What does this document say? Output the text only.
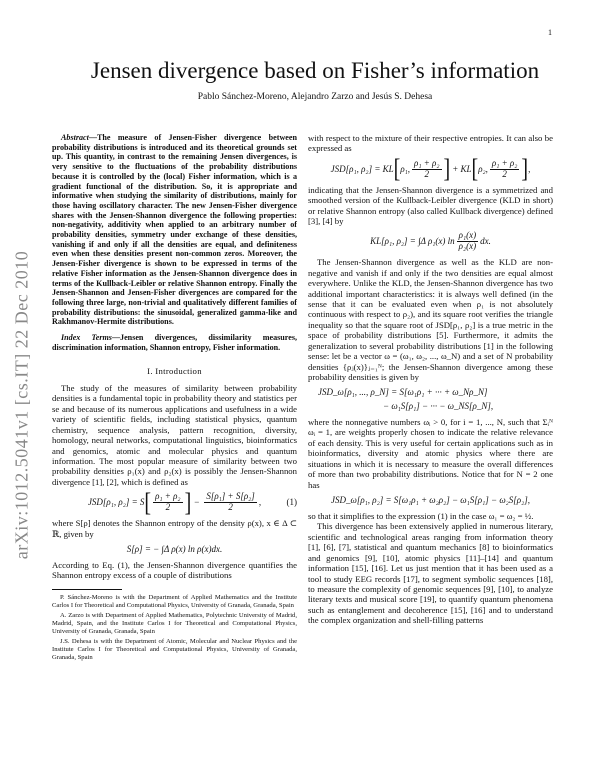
1
arXiv:1012.5041v1 [cs.IT] 22 Dec 2010
Jensen divergence based on Fisher’s information
Pablo Sánchez-Moreno, Alejandro Zarzo and Jesús S. Dehesa

Abstract—The measure of Jensen-Fisher divergence between probability distributions is introduced and its theoretical grounds set up. This quantity, in contrast to the remaining Jensen divergences, is very sensitive to the fluctuations of the probability distributions because it is controlled by the (local) Fisher information, which is a gradient functional of the distribution. So, it is appropriate and informative when studying the similarity of distributions, mainly for those having oscillatory character. The new Jensen-Fisher divergence shares with the Jensen-Shannon divergence the following properties: non-negativity, additivity when applied to an arbitrary number of probability densities, symmetry under exchange of these densities, vanishing if and only if all the densities are equal, and definiteness even when these densities present non-common zeros. Moreover, the Jensen-Fisher divergence is shown to be expressed in terms of the relative Fisher information as the Jensen-Shannon divergence does in terms of the Kullback-Leibler or relative Shannon entropy. Finally the Jensen-Shannon and Jensen-Fisher divergences are compared for the following three large, non-trivial and qualitatively different families of probability distributions: the sinusoidal, generalized gamma-like and Rakhmanov-Hermite distributions.

Index Terms—Jensen divergences, dissimilarity measures, discrimination information, Shannon entropy, Fisher information.

I. Introduction

The study of the measures of similarity between probability densities is a fundamental topic in probability theory and statistics per se and because of its numerous applications and usefulness in a wide variety of scientific fields, including statistical physics, quantum chemistry, sequence analysis, pattern recognition, diversity, homology, neural networks, computational linguistics, bioinformatics and genomics, atomic and molecular physics and quantum information. The most popular measure of similarity between two probability densities ρ₁(x) and ρ₂(x) is possibly the Jensen-Shannon divergence [1], [2], which is defined as

JSD[ρ₁, ρ₂] = S [ $\frac{\text{ρ₁ + ρ₂}}{2}$ ] − $\frac{\text{S[ρ₁] + S[ρ₂]}}{2}$ ,	(1)

where S[ρ] denotes the Shannon entropy of the density ρ(x), x ∈ Δ ⊂ ℝ, given by

S[ρ] = − ∫Δ ρ(x) ln ρ(x)dx.

According to Eq. (1), the Jensen-Shannon divergence quantifies the Shannon entropy excess of a couple of distributions

P. Sánchez-Moreno is with the Department of Applied Mathematics and the Institute Carlos I for Theoretical and Computational Physics, University of Granada, Granada, Spain

A. Zarzo is with Department of Applied Mathematics, Polytechnic University of Madrid, Madrid, Spain, and the Institute Carlos I for Theoretical and Computational Physics, University of Granada, Granada, Spain

J.S. Dehesa is with the Department of Atomic, Molecular and Nuclear Physics and the Institute Carlos I for Theoretical and Computational Physics, University of Granada, Granada, Spain

with respect to the mixture of their respective entropies. It can also be expressed as

JSD[ρ₁, ρ₂] = KL [ ρ₁, $\frac{\text{ρ₁ + ρ₂}}{2}$ ] + KL [ ρ₂, $\frac{\text{ρ₁ + ρ₂}}{2}$ ] ,

indicating that the Jensen-Shannon divergence is a symmetrized and smoothed version of the Kullback-Leibler divergence (KLD in short) or relative Shannon entropy (also called Kullback divergence) defined [3], [4] by

KL[ρ₁, ρ₂] = ∫Δ ρ₁(x) $\ln \frac{\text{ρ₁(x)}}{\text{ρ₂(x)}}$ dx.

The Jensen-Shannon divergence as well as the KLD are non-negative and vanish if and only if the two densities are equal almost everywhere. Unlike the KLD, the Jensen-Shannon divergence has two additional important characteristics: it is always well defined (in the sense that it can be evaluated even when ρ₁ is not absolutely continuous with respect to ρ₂), and its square root verifies the triangle inequality so that the square root of JSD[ρ₁, ρ₂] is a true metric in the space of probability distributions [5]. Furthermore, it admits the generalization to several probability distributions [1] in the following sense: let be a vector ω = (ω₁, ω₂, ..., ω_N) and a set of N probability densities {ρⱼ(x)}ⱼ₌₁ᴺ; the Jensen-Shannon divergence among these probability densities is given by

JSD_ω[ρ₁, ..., ρ_N] = S[ω₁ρ₁ + ··· + ω_Nρ_N]
− ω₁S[ρ₁] − ··· − ω_NS[ρ_N],

where the nonnegative numbers ωᵢ > 0, for i = 1, ..., N, such that Σᵢᴺ ωᵢ = 1, are weights properly chosen to indicate the relative relevance of each density. This is very useful for certain applications such as in bioinformatics, diversity and atomic physics where there are situations in which it is necessary to measure the overall differences of more than two probability distributions. Notice that for N = 2 one has

JSD_ω[ρ₁, ρ₂] = S[ω₁ρ₁ + ω₂ρ₂] − ω₁S[ρ₁] − ω₂S[ρ₂],

so that it simplifies to the expression (1) in the case ω₁ = ω₂ = ½.

This divergence has been extensively applied in numerous literary, scientific and technological areas ranging from information theory [1], [6], [7], statistical and quantum mechanics [8] to bioinformatics and genomics [9], [10], atomic physics [11]–[14] and quantum information [15], [16]. Let us just mention that it has been used as a tool to study EEG records [17], to segment symbolic sequences [18], to measure the complexity of genomic sequences [9], [10], to analyze literary texts and musical score [19], to quantify quantum phenomena such as entanglement and decoherence [15], [16] and to understand the complex organization and shell-filling patterns
